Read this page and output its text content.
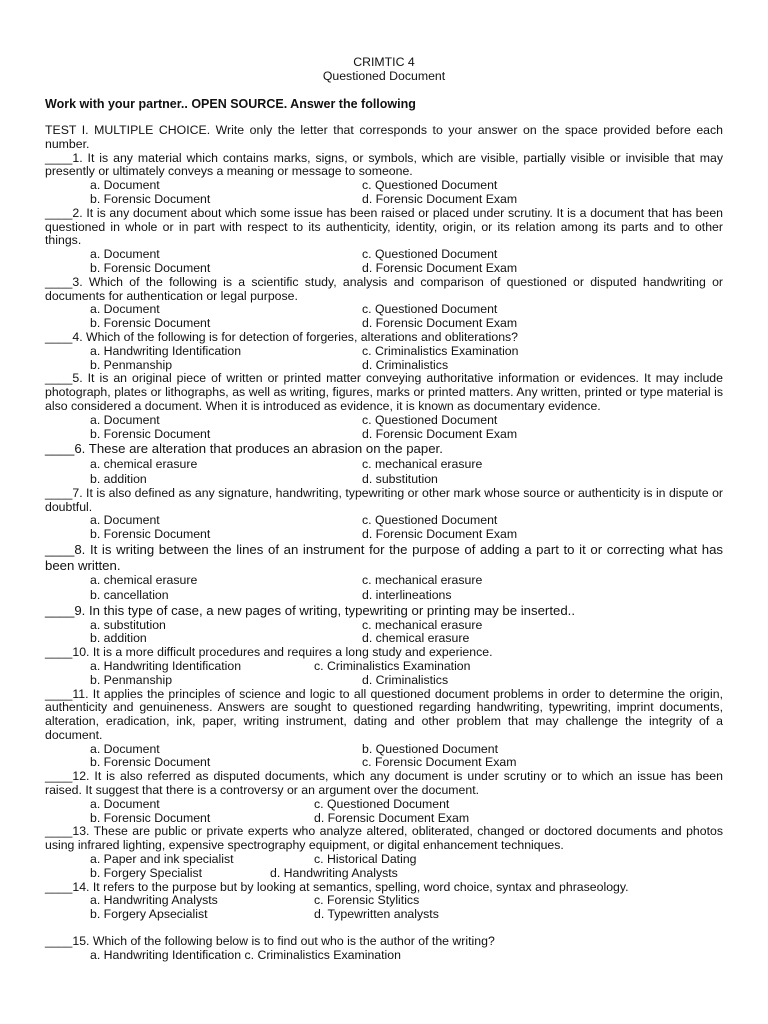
CRIMTIC 4
Questioned Document
Work with your partner.. OPEN SOURCE. Answer the following
TEST I. MULTIPLE CHOICE. Write only the letter that corresponds to your answer on the space provided before each number.
____1. It is any material which contains marks, signs, or symbols, which are visible, partially visible or invisible that may presently or ultimately conveys a meaning or message to someone.
a. Document	c. Questioned Document
b. Forensic Document	d. Forensic Document Exam
____2. It is any document about which some issue has been raised or placed under scrutiny. It is a document that has been questioned in whole or in part with respect to its authenticity, identity, origin, or its relation among its parts and to other things.
a. Document	c. Questioned Document
b. Forensic Document	d. Forensic Document Exam
____3. Which of the following is a scientific study, analysis and comparison of questioned or disputed handwriting or documents for authentication or legal purpose.
a. Document	c. Questioned Document
b. Forensic Document	d. Forensic Document Exam
____4. Which of the following is for detection of forgeries, alterations and obliterations?
a. Handwriting Identification	c. Criminalistics Examination
b. Penmanship	d. Criminalistics
____5. It is an original piece of written or printed matter conveying authoritative information or evidences. It may include photograph, plates or lithographs, as well as writing, figures, marks or printed matters. Any written, printed or type material is also considered a document. When it is introduced as evidence, it is known as documentary evidence.
a. Document	c. Questioned Document
b. Forensic Document	d. Forensic Document Exam
____6. These are alteration that produces an abrasion on the paper.
a. chemical erasure	c. mechanical erasure
b. addition	d. substitution
____7. It is also defined as any signature, handwriting, typewriting or other mark whose source or authenticity is in dispute or doubtful.
a. Document	c. Questioned Document
b. Forensic Document	d. Forensic Document Exam
____8. It is writing between the lines of an instrument for the purpose of adding a part to it or correcting what has been written.
a. chemical erasure	c. mechanical erasure
b. cancellation	d. interlineations
____9. In this type of case, a new pages of writing, typewriting or printing may be inserted..
a. substitution	c. mechanical erasure
b. addition	d. chemical erasure
____10. It is a more difficult procedures and requires a long study and experience.
a. Handwriting Identification	c. Criminalistics Examination
b. Penmanship	d. Criminalistics
____11. It applies the principles of science and logic to all questioned document problems in order to determine the origin, authenticity and genuineness. Answers are sought to questioned regarding handwriting, typewriting, imprint documents, alteration, eradication, ink, paper, writing instrument, dating and other problem that may challenge the integrity of a document.
a. Document	b. Questioned Document
b. Forensic Document	c. Forensic Document Exam
____12. It is also referred as disputed documents, which any document is under scrutiny or to which an issue has been raised. It suggest that there is a controversy or an argument over the document.
a. Document	c. Questioned Document
b. Forensic Document	d. Forensic Document Exam
____13. These are public or private experts who analyze altered, obliterated, changed or doctored documents and photos using infrared lighting, expensive spectrography equipment, or digital enhancement techniques.
a. Paper and ink specialist	c. Historical Dating
b. Forgery Specialist	d. Handwriting Analysts
____14. It refers to the purpose but by looking at semantics, spelling, word choice, syntax and phraseology.
a. Handwriting Analysts	c. Forensic Stylitics
b. Forgery Apsecialist	d. Typewritten analysts
____15. Which of the following below is to find out who is the author of the writing?
a. Handwriting Identification c. Criminalistics Examination
